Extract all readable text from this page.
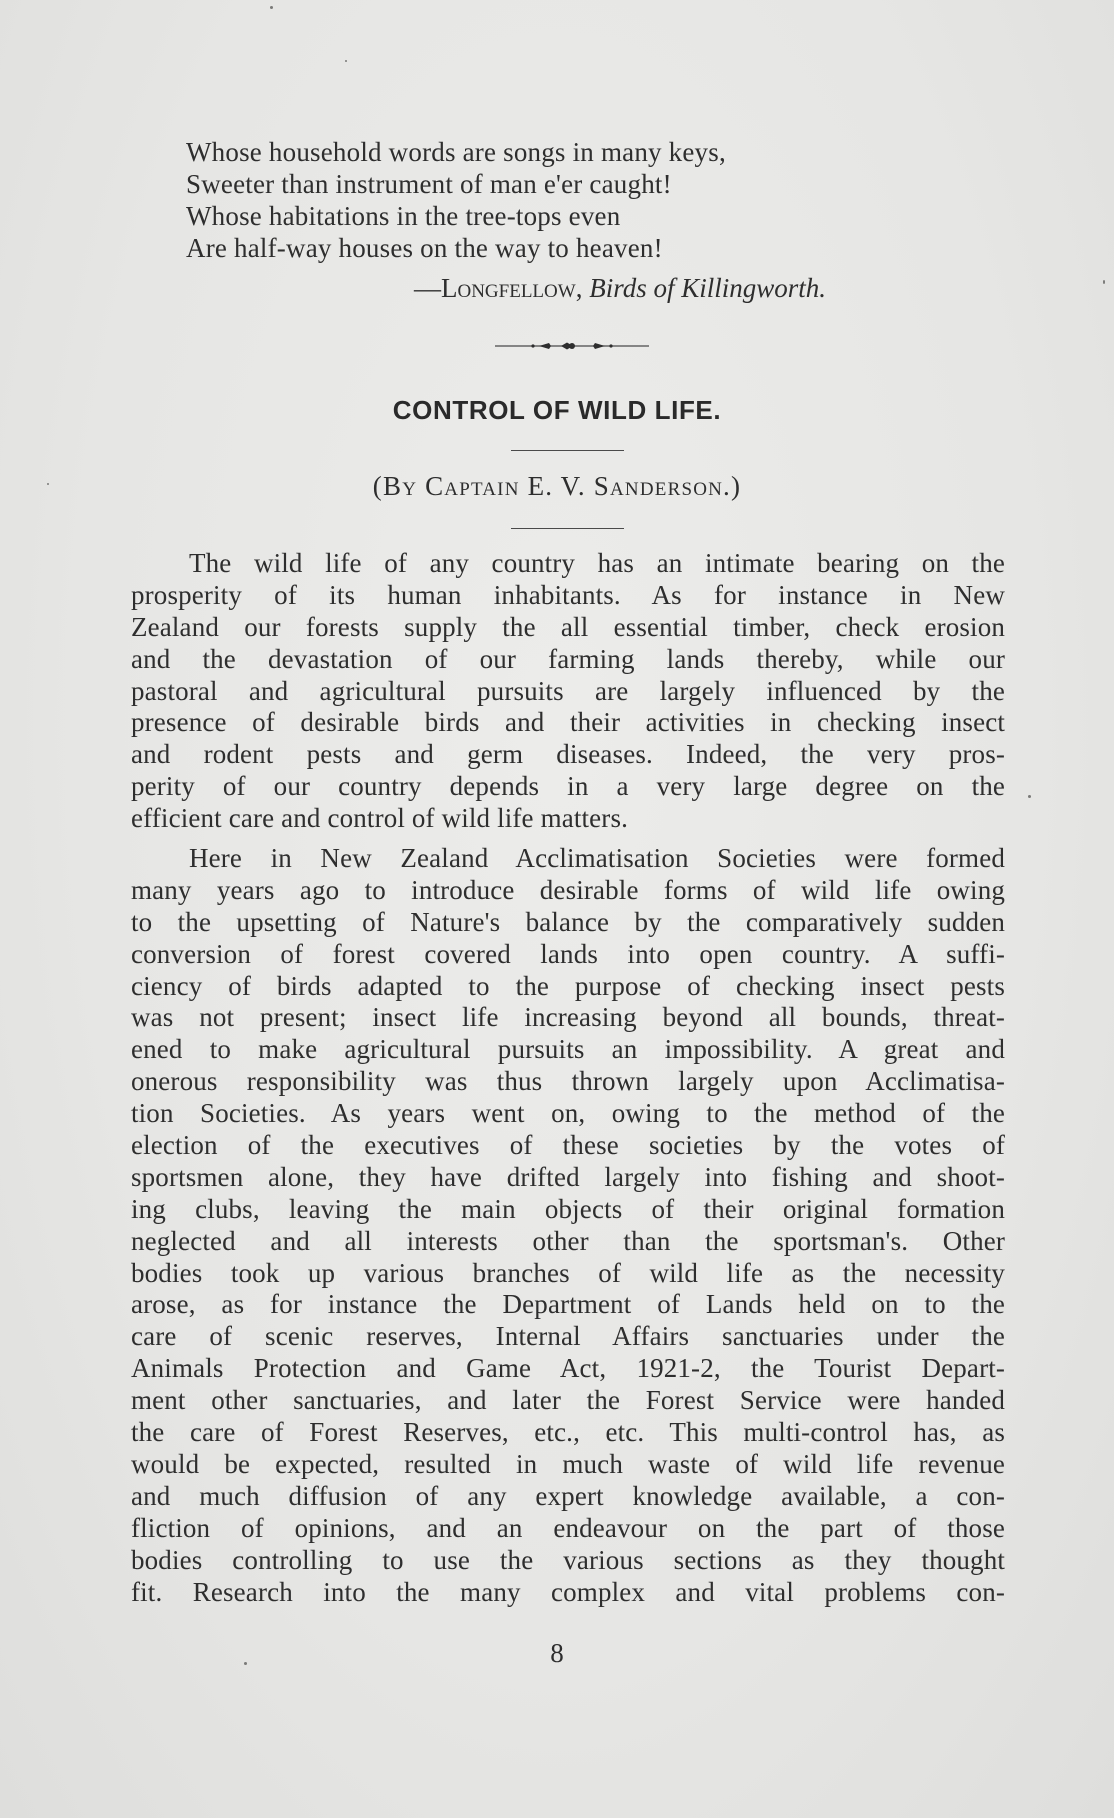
Whose household words are songs in many keys,
Sweeter than instrument of man e'er caught!
Whose habitations in the tree-tops even
Are half-way houses on the way to heaven!
—Longfellow, Birds of Killingworth.
CONTROL OF WILD LIFE.
(By Captain E. V. Sanderson.)
The wild life of any country has an intimate bearing on the
prosperity of its human inhabitants. As for instance in New
Zealand our forests supply the all essential timber, check erosion
and the devastation of our farming lands thereby, while our
pastoral and agricultural pursuits are largely influenced by the
presence of desirable birds and their activities in checking insect
and rodent pests and germ diseases. Indeed, the very pros-
perity of our country depends in a very large degree on the
efficient care and control of wild life matters.
Here in New Zealand Acclimatisation Societies were formed
many years ago to introduce desirable forms of wild life owing
to the upsetting of Nature's balance by the comparatively sudden
conversion of forest covered lands into open country. A suffi-
ciency of birds adapted to the purpose of checking insect pests
was not present; insect life increasing beyond all bounds, threat-
ened to make agricultural pursuits an impossibility. A great and
onerous responsibility was thus thrown largely upon Acclimatisa-
tion Societies. As years went on, owing to the method of the
election of the executives of these societies by the votes of
sportsmen alone, they have drifted largely into fishing and shoot-
ing clubs, leaving the main objects of their original formation
neglected and all interests other than the sportsman's. Other
bodies took up various branches of wild life as the necessity
arose, as for instance the Department of Lands held on to the
care of scenic reserves, Internal Affairs sanctuaries under the
Animals Protection and Game Act, 1921-2, the Tourist Depart-
ment other sanctuaries, and later the Forest Service were handed
the care of Forest Reserves, etc., etc. This multi-control has, as
would be expected, resulted in much waste of wild life revenue
and much diffusion of any expert knowledge available, a con-
fliction of opinions, and an endeavour on the part of those
bodies controlling to use the various sections as they thought
fit. Research into the many complex and vital problems con-
8
